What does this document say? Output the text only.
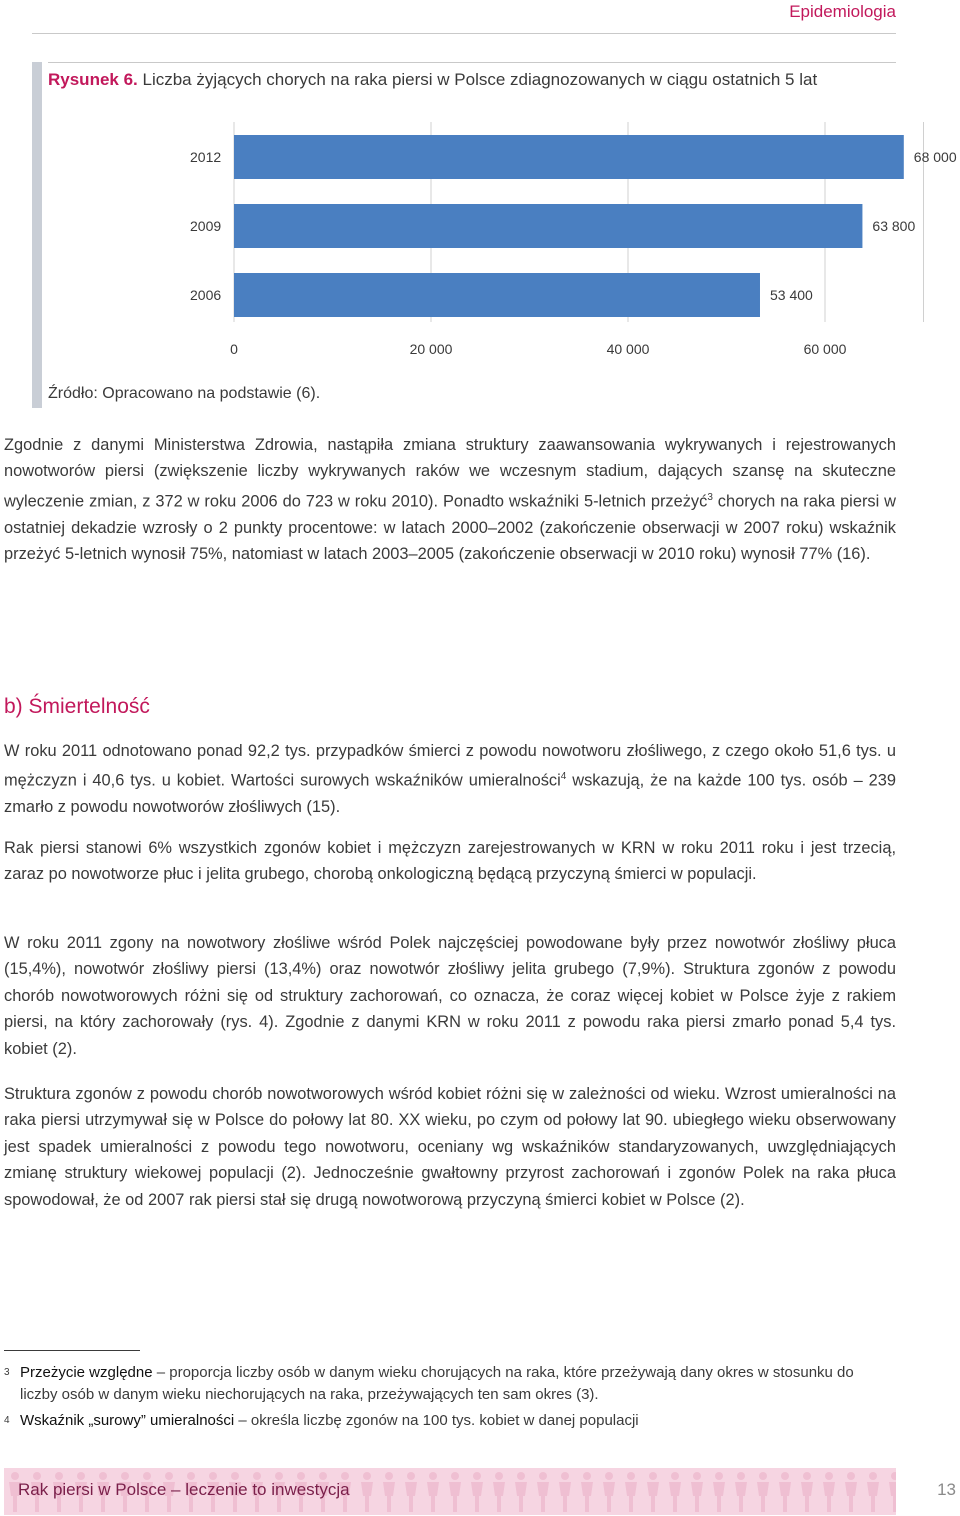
Epidemiologia
Rysunek 6. Liczba żyjących chorych na raka piersi w Polsce zdiagnozowanych w ciągu ostatnich 5 lat
0	20 000	40 000	60 000
2012	68 000
2009	63 800
2006	53 400
Źródło: Opracowano na podstawie (6).

Zgodnie z danymi Ministerstwa Zdrowia, nastąpiła zmiana struktury zaawansowania wykrywanych i rejestrowanych nowotworów piersi (zwiększenie liczby wykrywanych raków we wczesnym stadium, dających szansę na skuteczne wyleczenie zmian, z 372 w roku 2006 do 723 w roku 2010). Ponadto wskaźniki 5-letnich przeżyć$^3$ chorych na raka piersi w ostatniej dekadzie wzrosły o 2 punkty procentowe: w latach 2000–2002 (zakończenie obserwacji w 2007 roku) wskaźnik przeżyć 5-letnich wynosił 75%, natomiast w latach 2003–2005 (zakończenie obserwacji w 2010 roku) wynosił 77% (16).

b) Śmiertelność

W roku 2011 odnotowano ponad 92,2 tys. przypadków śmierci z powodu nowotworu złośliwego, z czego około 51,6 tys. u mężczyzn i 40,6 tys. u kobiet. Wartości surowych wskaźników umieralności$^4$ wskazują, że na każde 100 tys. osób – 239 zmarło z powodu nowotworów złośliwych (15).

Rak piersi stanowi 6% wszystkich zgonów kobiet i mężczyzn zarejestrowanych w KRN w roku 2011 roku i jest trzecią, zaraz po nowotworze płuc i jelita grubego, chorobą onkologiczną będącą przyczyną śmierci w populacji.

W roku 2011 zgony na nowotwory złośliwe wśród Polek najczęściej powodowane były przez nowotwór złośliwy płuca (15,4%), nowotwór złośliwy piersi (13,4%) oraz nowotwór złośliwy jelita grubego (7,9%). Struktura zgonów z powodu chorób nowotworowych różni się od struktury zachorowań, co oznacza, że coraz więcej kobiet w Polsce żyje z rakiem piersi, na który zachorowały (rys. 4). Zgodnie z danymi KRN w roku 2011 z powodu raka piersi zmarło ponad 5,4 tys. kobiet (2).

Struktura zgonów z powodu chorób nowotworowych wśród kobiet różni się w zależności od wieku. Wzrost umieralności na raka piersi utrzymywał się w Polsce do połowy lat 80. XX wieku, po czym od połowy lat 90. ubiegłego wieku obserwowany jest spadek umieralności z powodu tego nowotworu, oceniany wg wskaźników standaryzowanych, uwzględniających zmianę struktury wiekowej populacji (2). Jednocześnie gwałtowny przyrost zachorowań i zgonów Polek na raka płuca spowodował, że od 2007 rak piersi stał się drugą nowotworową przyczyną śmierci kobiet w Polsce (2).

3 Przeżycie względne – proporcja liczby osób w danym wieku chorujących na raka, które przeżywają dany okres w stosunku do liczby osób w danym wieku niechorujących na raka, przeżywających ten sam okres (3).
4 Wskaźnik „surowy” umieralności – określa liczbę zgonów na 100 tys. kobiet w danej populacji
Rak piersi w Polsce – leczenie to inwestycja	13
